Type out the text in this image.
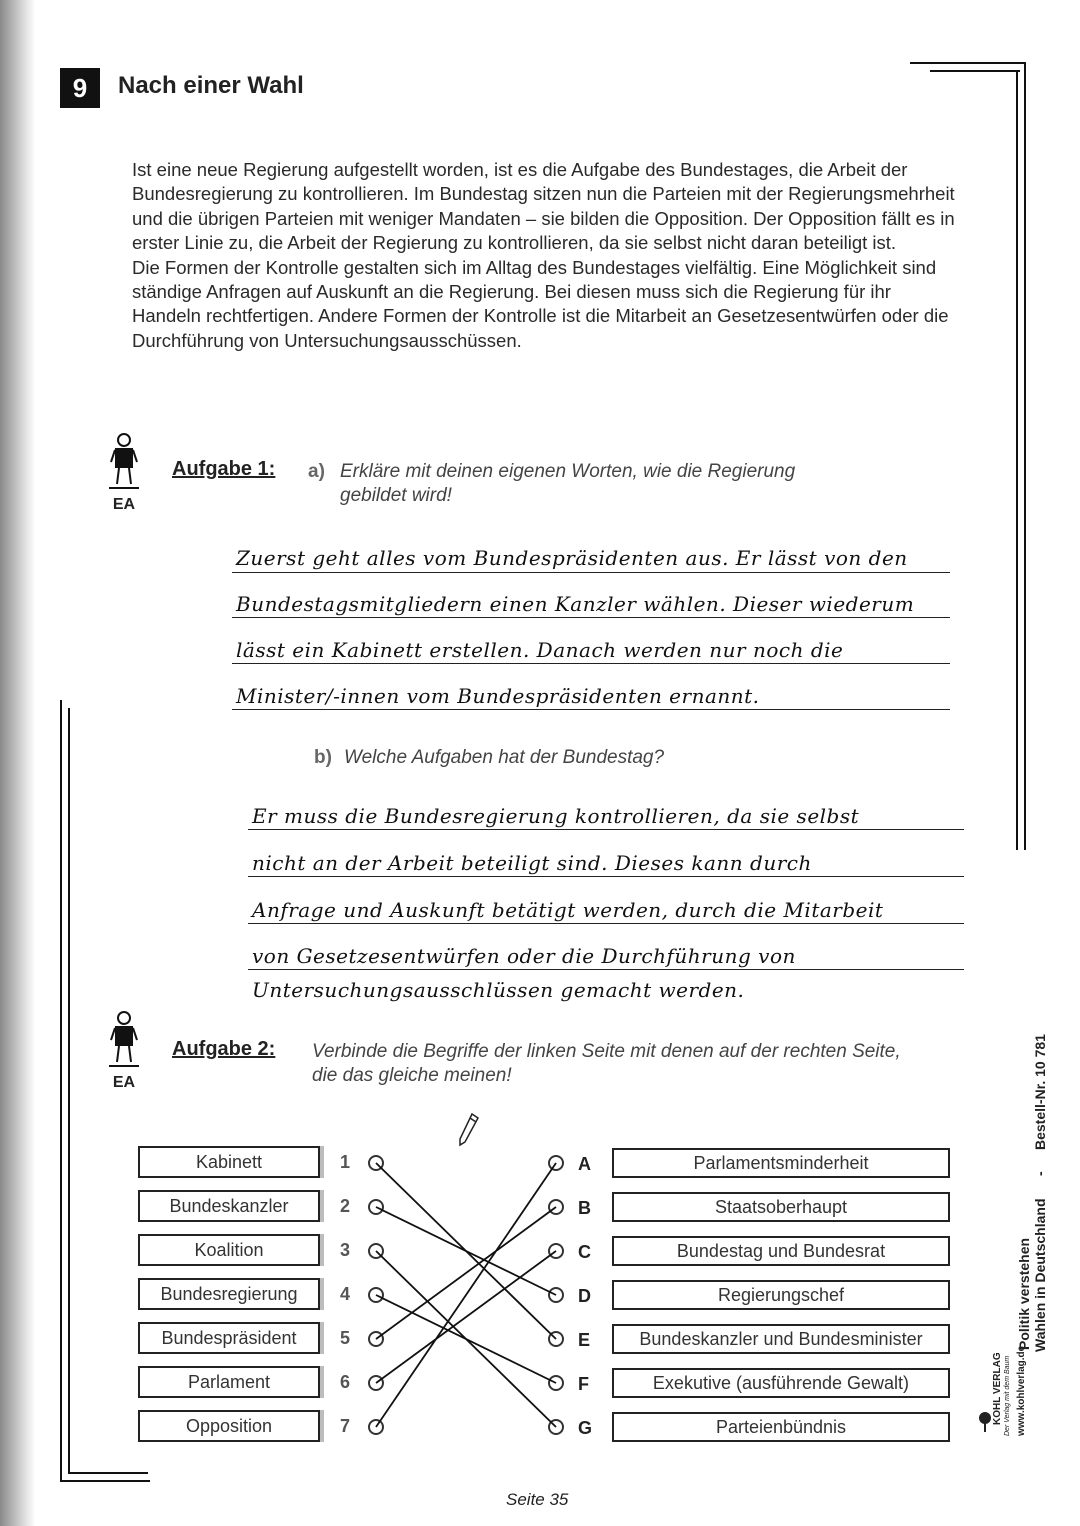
9	Nach einer Wahl

Ist eine neue Regierung aufgestellt worden, ist es die Aufgabe des Bundestages, die Arbeit der Bundesregierung zu kontrollieren. Im Bundestag sitzen nun die Parteien mit der Regierungsmehrheit und die übrigen Parteien mit weniger Mandaten – sie bilden die Opposition. Der Opposition fällt es in erster Linie zu, die Arbeit der Regierung zu kontrollieren, da sie selbst nicht daran beteiligt ist.

Die Formen der Kontrolle gestalten sich im Alltag des Bundestages vielfältig. Eine Möglichkeit sind ständige Anfragen auf Auskunft an die Regierung. Bei diesen muss sich die Regierung für ihr Handeln rechtfertigen. Andere Formen der Kontrolle ist die Mitarbeit an Gesetzesentwürfen oder die Durchführung von Untersuchungsausschüssen.

EA
Aufgabe 1: a) Erkläre mit deinen eigenen Worten, wie die Regierung gebildet wird!
Zuerst geht alles vom Bundespräsidenten aus. Er lässt von den
Bundestagsmitgliedern einen Kanzler wählen. Dieser wiederum
lässt ein Kabinett erstellen. Danach werden nur noch die
Minister/-innen vom Bundespräsidenten ernannt.
b) Welche Aufgaben hat der Bundestag?
Er muss die Bundesregierung kontrollieren, da sie selbst
nicht an der Arbeit beteiligt sind. Dieses kann durch
Anfrage und Auskunft betätigt werden, durch die Mitarbeit
von Gesetzesentwürfen oder die Durchführung von
Untersuchungsausschlüssen gemacht werden.
EA
Aufgabe 2: Verbinde die Begriffe der linken Seite mit denen auf der rechten Seite, die das gleiche meinen!
Kabinett
Bundeskanzler
Koalition
Bundesregierung
Bundespräsident
Parlament
Opposition
1
2
3
4
5
6
7
A
B
C
D
E
F
G
Parlamentsminderheit
Staatsoberhaupt
Bundestag und Bundesrat
Regierungschef
Bundeskanzler und Bundesminister
Exekutive (ausführende Gewalt)
Parteienbündnis
Seite 35
Politik verstehen Wahlen in Deutschland
-
Bestell-Nr. 10 781
KOHL VERLAG Der Verlag mit dem Baum www.kohlverlag.de
